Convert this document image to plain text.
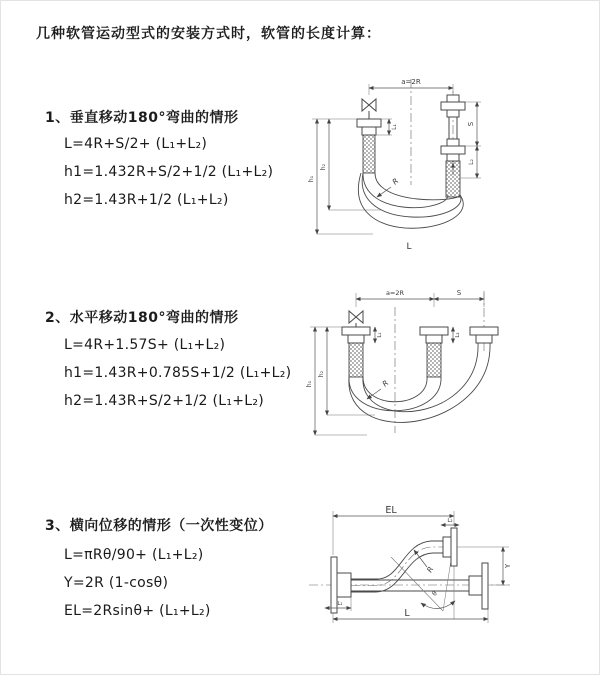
几种软管运动型式的安装方式时，软管的长度计算：
1、垂直移动180°弯曲的情形
L=4R+S/2+ (L₁+L₂)
h1=1.432R+S/2+1/2 (L₁+L₂)
h2=1.43R+1/2 (L₁+L₂)
a=2R
L₁
S
L₂
h₁
h₂
R
L
2、水平移动180°弯曲的情形
L=4R+1.57S+ (L₁+L₂)
h1=1.43R+0.785S+1/2 (L₁+L₂)
h2=1.43R+S/2+1/2 (L₁+L₂)
a=2R	S
L₁	L₂
h₁
h₂
R
3、横向位移的情形（一次性变位）
L=πRθ/90+ (L₁+L₂)
Y=2R (1-cosθ)
EL=2Rsinθ+ (L₁+L₂)
θ
EL
L₂
Y
L
L₁
R
